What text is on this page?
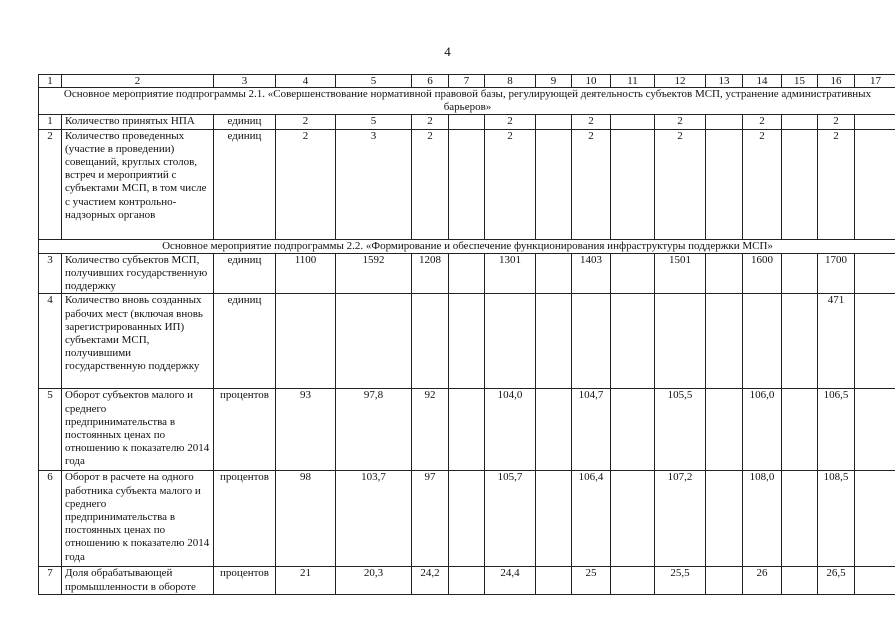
4
1	2	3	4	5	6	7	8	9	10	11	12	13	14	15	16	17
Основное мероприятие подпрограммы 2.1. «Совершенствование нормативной правовой базы, регулирующей деятельность субъектов МСП, устранение административных барьеров»																
1	Количество принятых НПА	единиц	2	5	2		2		2		2		2		2	
2	Количество проведенных (участие в проведении) совещаний, круглых столов, встреч и мероприятий с субъектами МСП, в том числе с участием контрольно-надзорных органов	единиц	2	3	2		2		2		2		2		2	
Основное мероприятие подпрограммы 2.2. «Формирование и обеспечение функционирования инфраструктуры поддержки МСП»																
3	Количество субъектов МСП, получивших государственную поддержку	единиц	1100	1592	1208		1301		1403		1501		1600		1700	
4	Количество вновь созданных рабочих мест (включая вновь зарегистрированных ИП) субъектами МСП, получившими государственную поддержку	единиц													471	
5	Оборот субъектов малого и среднего предпринимательства в постоянных ценах по отношению к показателю 2014 года	процентов	93	97,8	92		104,0		104,7		105,5		106,0		106,5	
6	Оборот в расчете на одного работника субъекта малого и среднего предпринимательства в постоянных ценах по отношению к показателю 2014 года	процентов	98	103,7	97		105,7		106,4		107,2		108,0		108,5	
7	Доля обрабатывающей промышленности в обороте	процентов	21	20,3	24,2		24,4		25		25,5		26		26,5	
